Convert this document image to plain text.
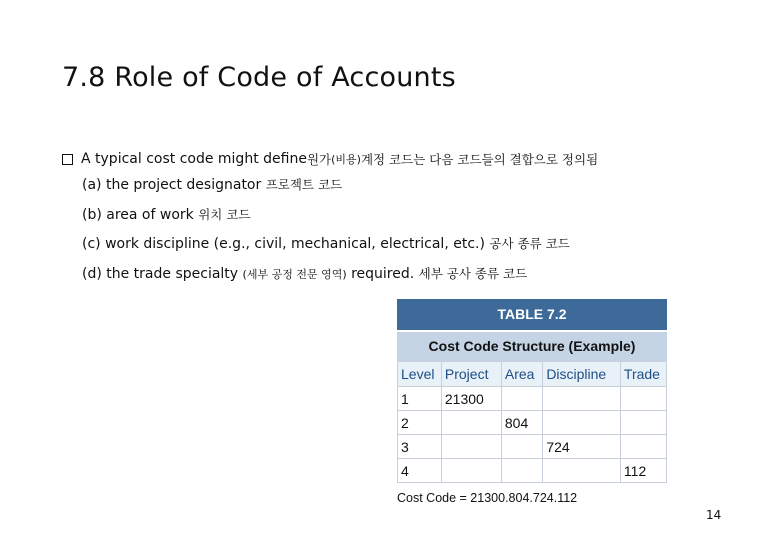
7.8 Role of Code of Accounts
A typical cost code might define 원가 (비용) 계정 코드는 다음 코드들의 결합으로 정의됨
(a) the project designator 프로젝트 코드
(b) area of work 위치 코드
(c) work discipline (e.g., civil, mechanical, electrical, etc.) 공사 종류 코드
(d) the trade specialty (세부 공정 전문 영역) required. 세부 공사 종류 코드
TABLE 7.2
Cost Code Structure (Example)
Level	Project	Area	Discipline	Trade
1	21300			
2		804		
3			724	
4				112
Cost Code = 21300.804.724.112
14
